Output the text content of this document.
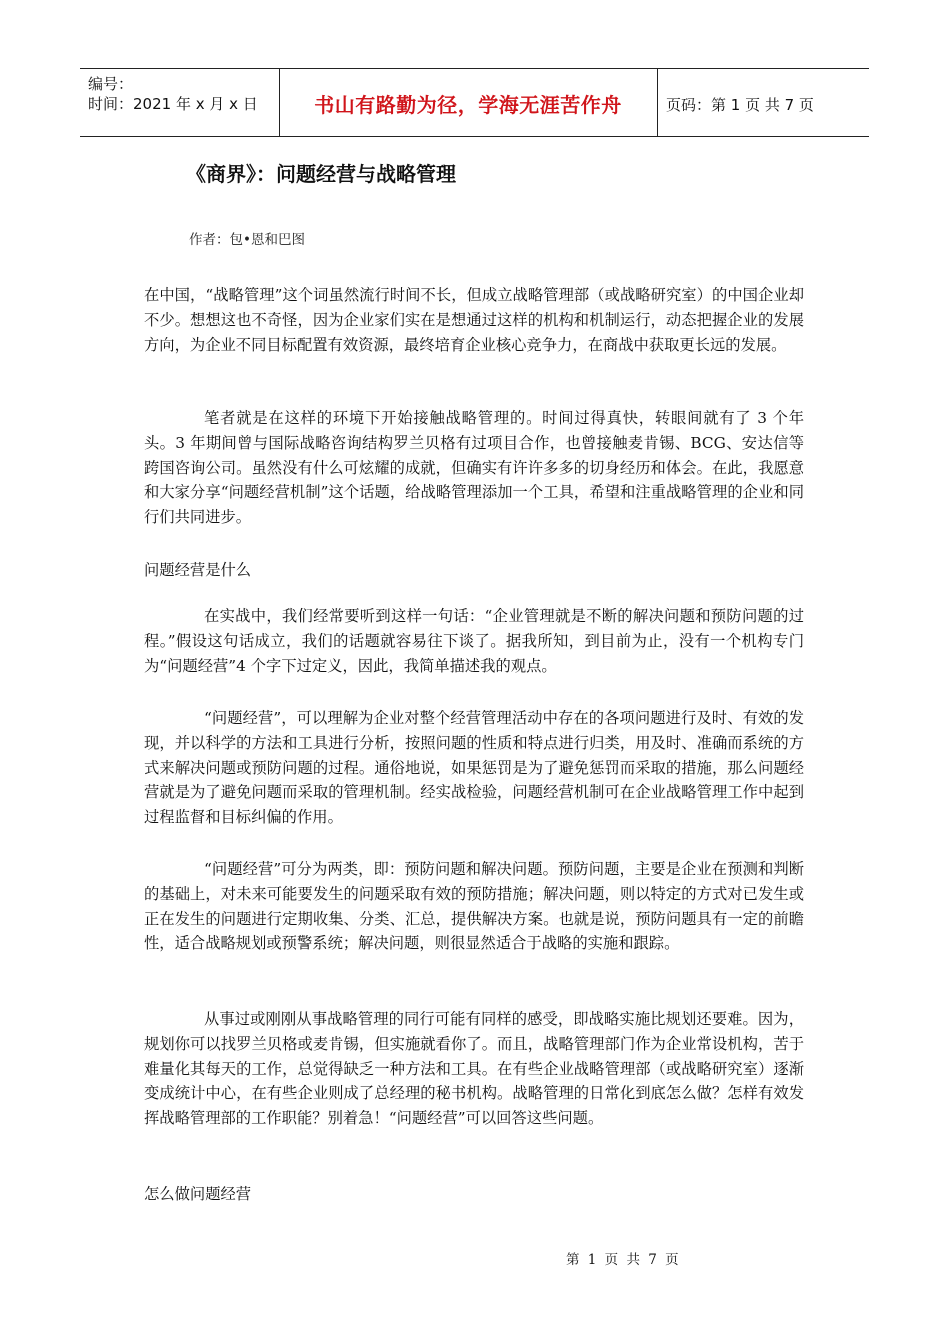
编号：
时间：2021 年 x 月 x 日	书山有路勤为径，学海无涯苦作舟	页码：第 1 页 共 7 页
《商界》：问题经营与战略管理
作者：包•恩和巴图

在中国，“战略管理”这个词虽然流行时间不长，但成立战略管理部（或战略研究室）的中国企业却不少。想想这也不奇怪，因为企业家们实在是想通过这样的机构和机制运行，动态把握企业的发展方向，为企业不同目标配置有效资源，最终培育企业核心竞争力，在商战中获取更长远的发展。

笔者就是在这样的环境下开始接触战略管理的。时间过得真快，转眼间就有了 3 个年头。3 年期间曾与国际战略咨询结构罗兰贝格有过项目合作，也曾接触麦肯锡、BCG、安达信等跨国咨询公司。虽然没有什么可炫耀的成就，但确实有许许多多的切身经历和体会。在此，我愿意和大家分享“问题经营机制”这个话题，给战略管理添加一个工具，希望和注重战略管理的企业和同行们共同进步。

问题经营是什么

在实战中，我们经常要听到这样一句话：“企业管理就是不断的解决问题和预防问题的过程。”假设这句话成立，我们的话题就容易往下谈了。据我所知，到目前为止，没有一个机构专门为“问题经营”4 个字下过定义，因此，我简单描述我的观点。

“问题经营”，可以理解为企业对整个经营管理活动中存在的各项问题进行及时、有效的发现，并以科学的方法和工具进行分析，按照问题的性质和特点进行归类，用及时、准确而系统的方式来解决问题或预防问题的过程。通俗地说，如果惩罚是为了避免惩罚而采取的措施，那么问题经营就是为了避免问题而采取的管理机制。经实战检验，问题经营机制可在企业战略管理工作中起到过程监督和目标纠偏的作用。

“问题经营”可分为两类，即：预防问题和解决问题。预防问题，主要是企业在预测和判断的基础上，对未来可能要发生的问题采取有效的预防措施；解决问题，则以特定的方式对已发生或正在发生的问题进行定期收集、分类、汇总，提供解决方案。也就是说，预防问题具有一定的前瞻性，适合战略规划或预警系统；解决问题，则很显然适合于战略的实施和跟踪。

从事过或刚刚从事战略管理的同行可能有同样的感受，即战略实施比规划还要难。因为，规划你可以找罗兰贝格或麦肯锡，但实施就看你了。而且，战略管理部门作为企业常设机构，苦于难量化其每天的工作，总觉得缺乏一种方法和工具。在有些企业战略管理部（或战略研究室）逐渐变成统计中心，在有些企业则成了总经理的秘书机构。战略管理的日常化到底怎么做？怎样有效发挥战略管理部的工作职能？别着急！“问题经营”可以回答这些问题。

怎么做问题经营
第 1 页 共 7 页
